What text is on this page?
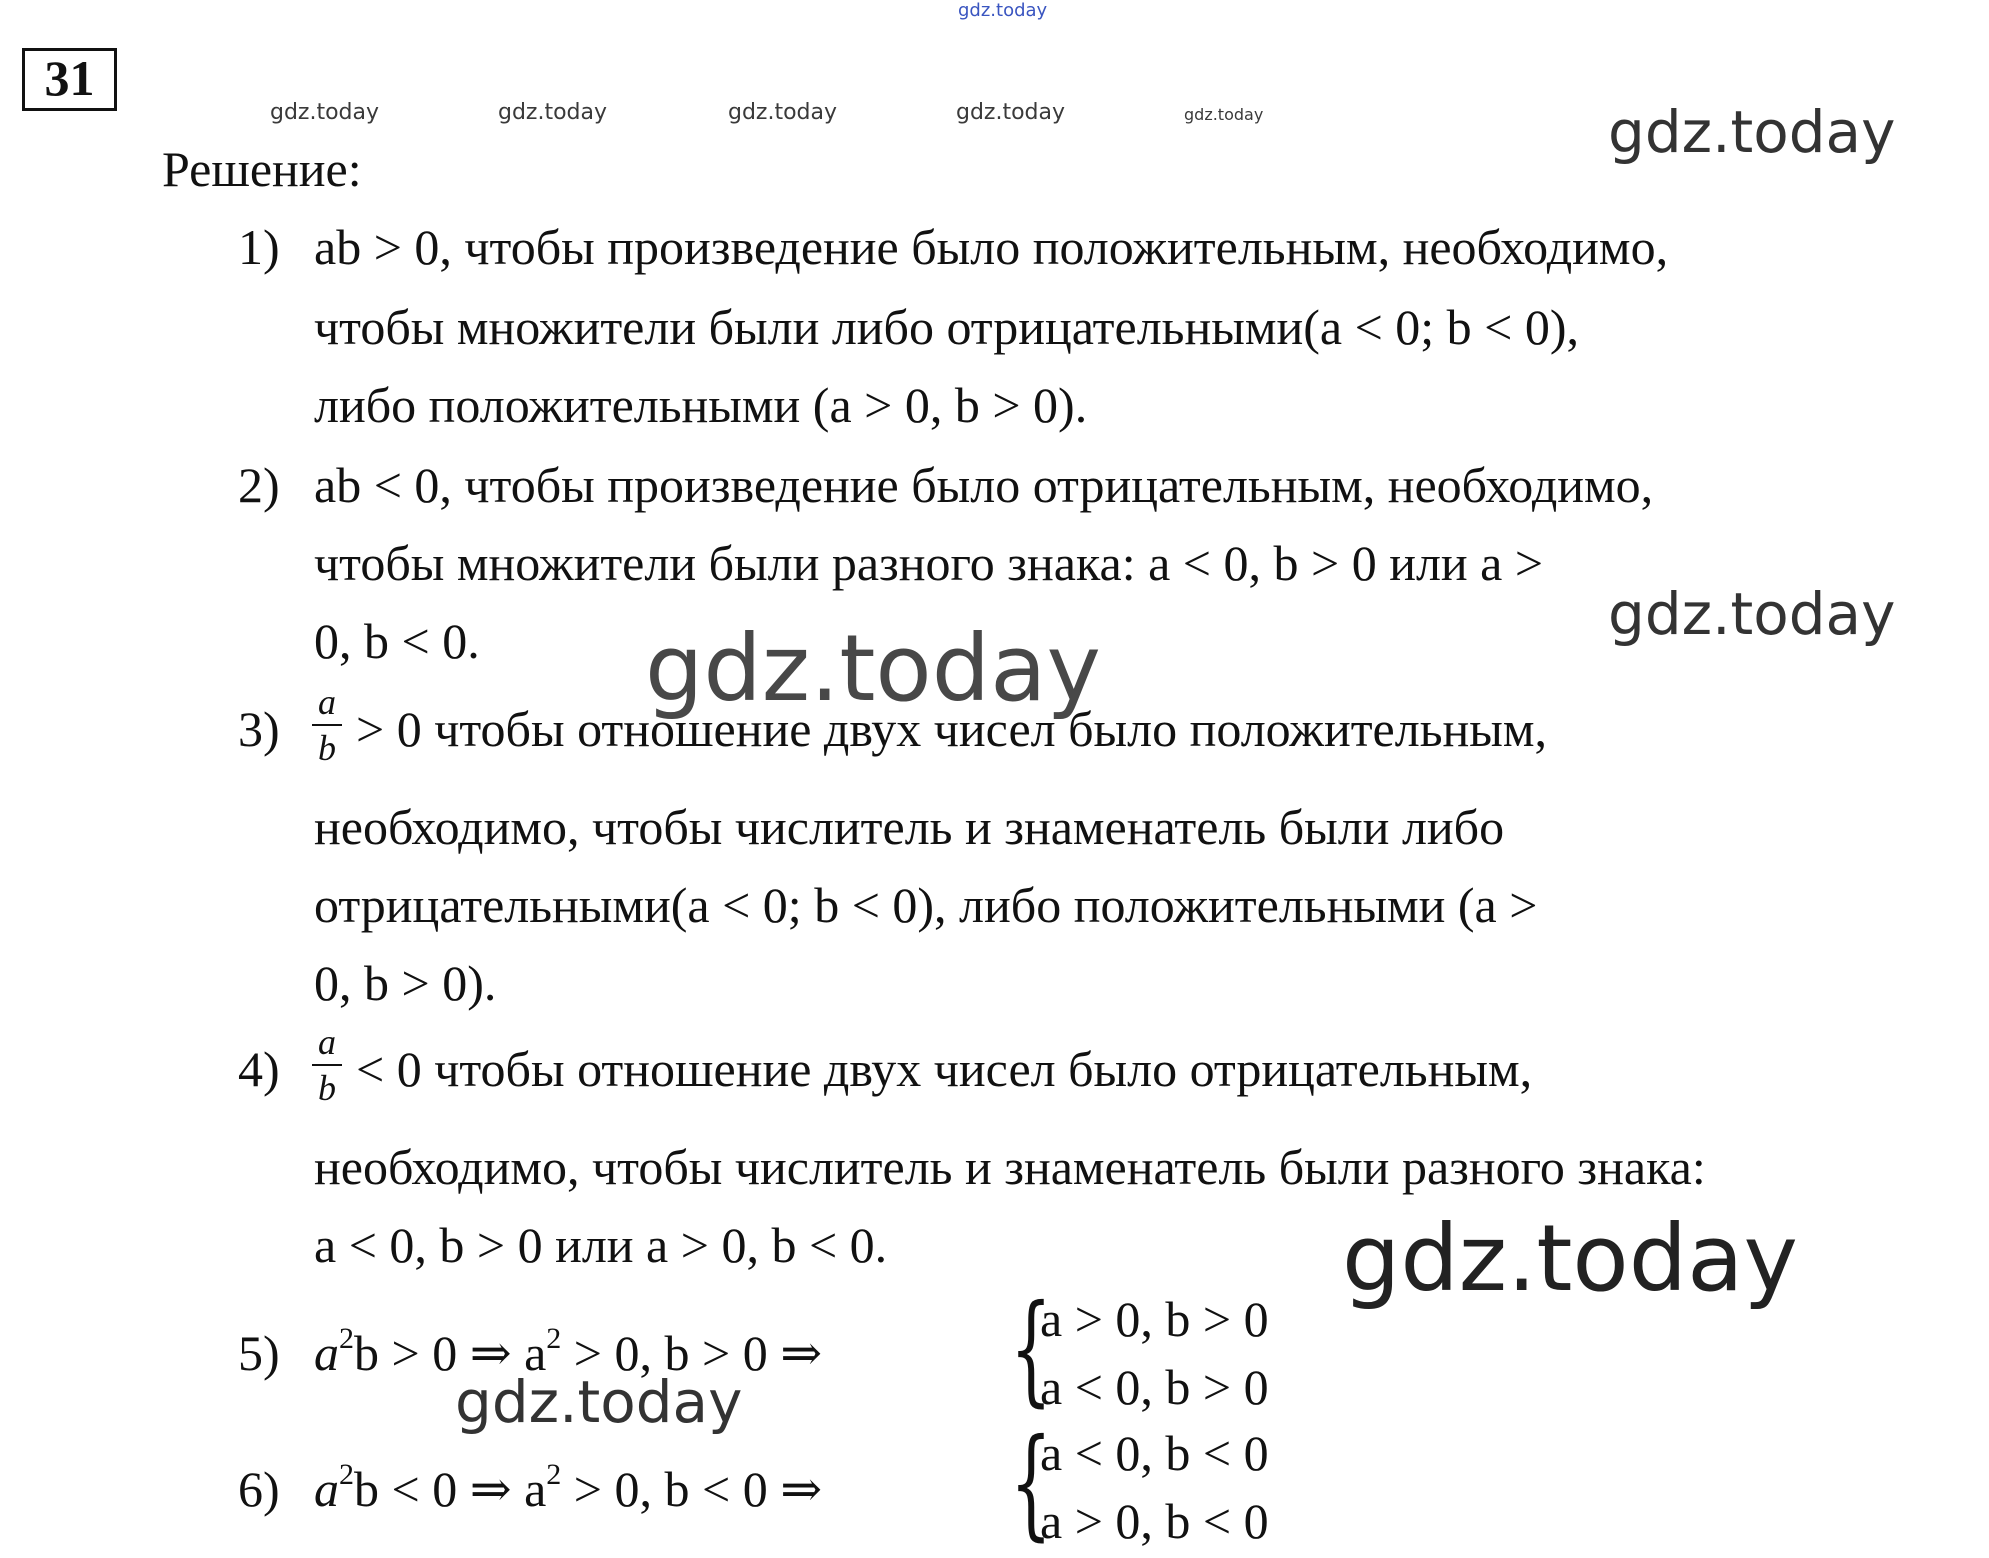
31
gdz.today
gdz.today	gdz.today	gdz.today	gdz.today	gdz.today	gdz.today
gdz.today
Решение:
1) ab > 0, чтобы произведение было положительным, необходимо,
чтобы множители были либо отрицательными(a < 0; b < 0),
либо положительными (a > 0, b > 0).
2) ab < 0, чтобы произведение было отрицательным, необходимо,
чтобы множители были разного знака: a < 0, b > 0 или a >
0, b < 0. gdz.today
3) a
b > 0 чтобы отношение двух чисел было положительным,
необходимо, чтобы числитель и знаменатель были либо
отрицательными(a < 0; b < 0), либо положительными (a >
0, b > 0).
4) a
b < 0 чтобы отношение двух чисел было отрицательным,
необходимо, чтобы числитель и знаменатель были разного знака:
a < 0, b > 0 или a > 0, b < 0.	gdz.today
gdz.today
5) $a^2b > 0$ ⇒ $a^2 > 0$, b > 0 ⇒ {
a > 0, b > 0
a < 0, b > 0
6) $a^2b < 0$ ⇒ $a^2 > 0$, b < 0 ⇒ {
a < 0, b < 0
a > 0, b < 0
